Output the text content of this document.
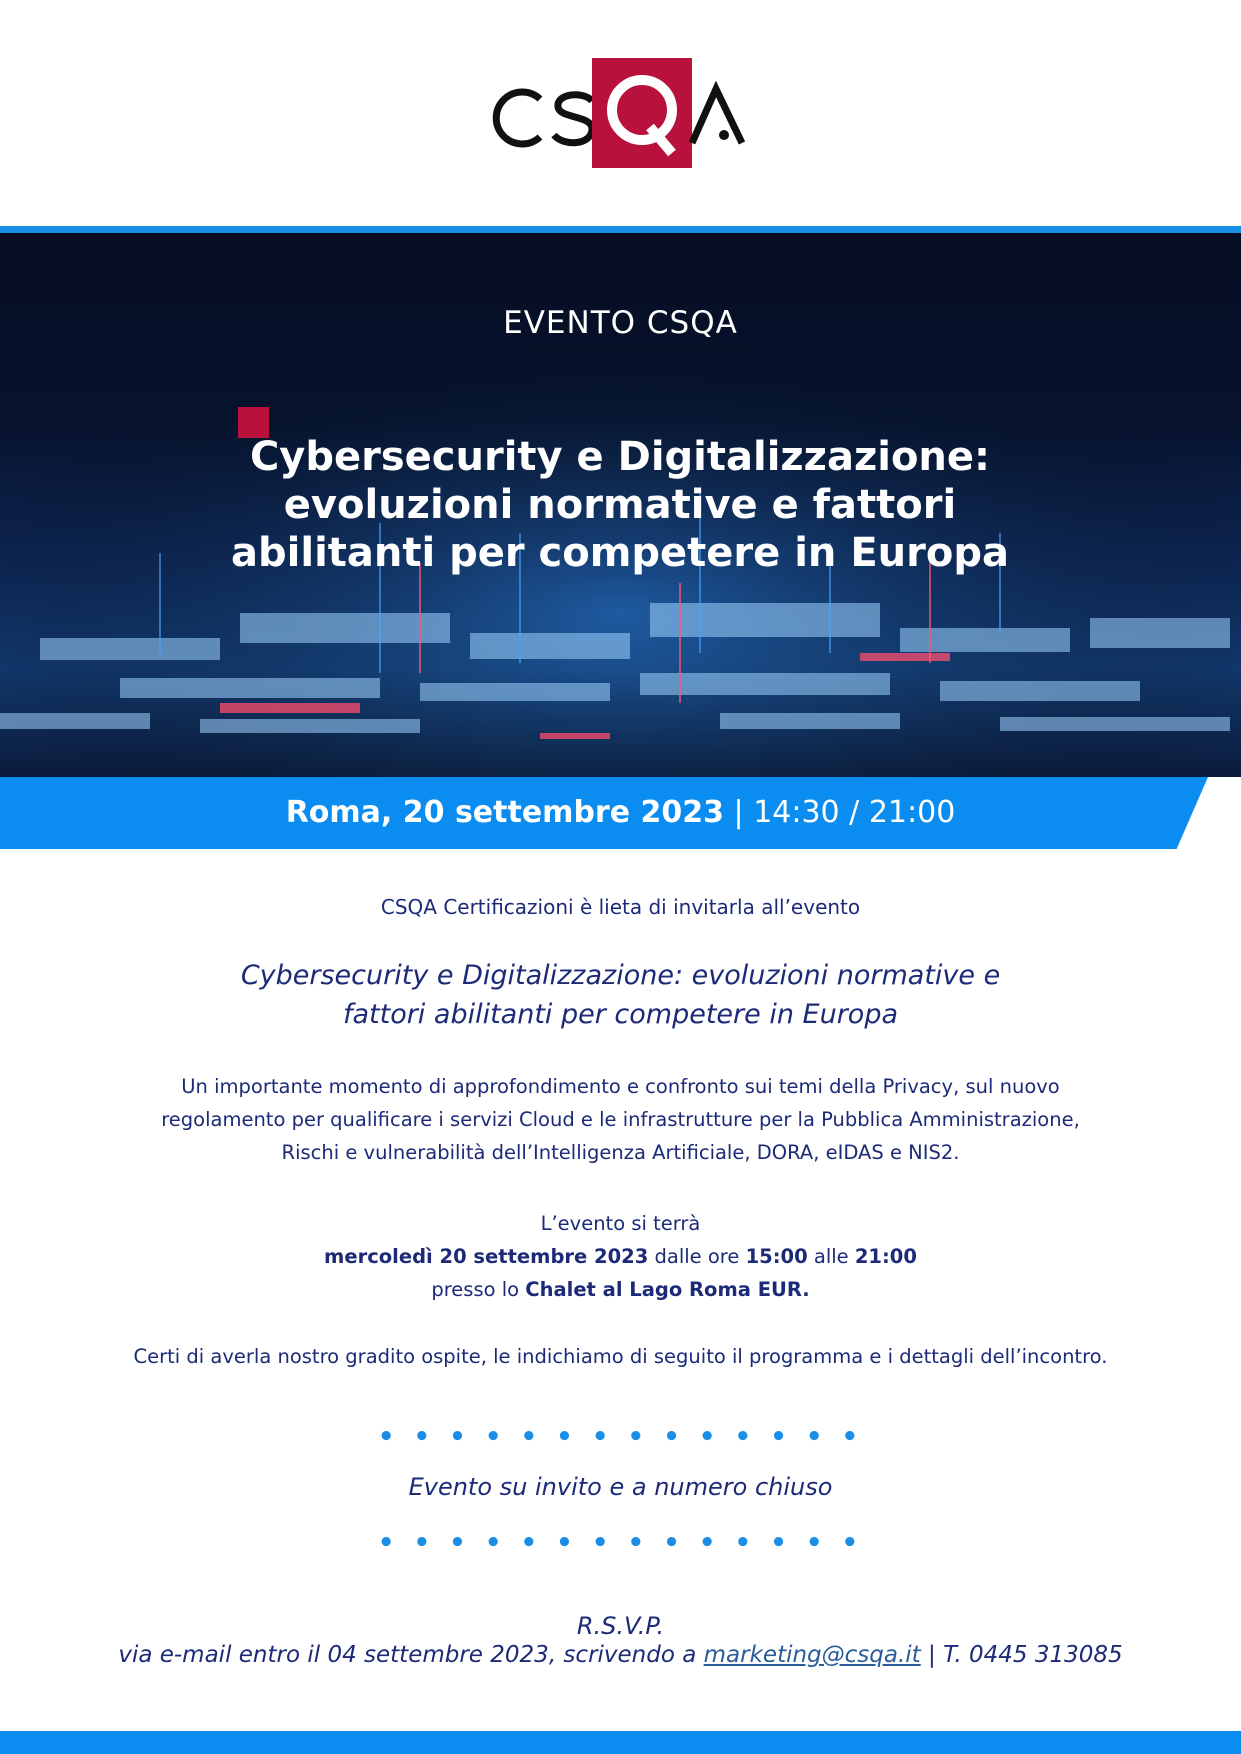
EVENTO CSQA
Cybersecurity e Digitalizzazione:
evoluzioni normative e fattori
abilitanti per competere in Europa
Roma, 20 settembre 2023 | 14:30 / 21:00
CSQA Certificazioni è lieta di invitarla all’evento
Cybersecurity e Digitalizzazione: evoluzioni normative e
fattori abilitanti per competere in Europa
Un importante momento di approfondimento e confronto sui temi della Privacy, sul nuovo
regolamento per qualificare i servizi Cloud e le infrastrutture per la Pubblica Amministrazione,
Rischi e vulnerabilità dell’Intelligenza Artificiale, DORA, eIDAS e NIS2.
L’evento si terrà
mercoledì 20 settembre 2023 dalle ore 15:00 alle 21:00
presso lo Chalet al Lago Roma EUR.
Certi di averla nostro gradito ospite, le indichiamo di seguito il programma e i dettagli dell’incontro.
• • • • • • • • • • • • • •
Evento su invito e a numero chiuso
• • • • • • • • • • • • • •
R.S.V.P.
via e-mail entro il 04 settembre 2023, scrivendo a marketing@csqa.it | T. 0445 313085
